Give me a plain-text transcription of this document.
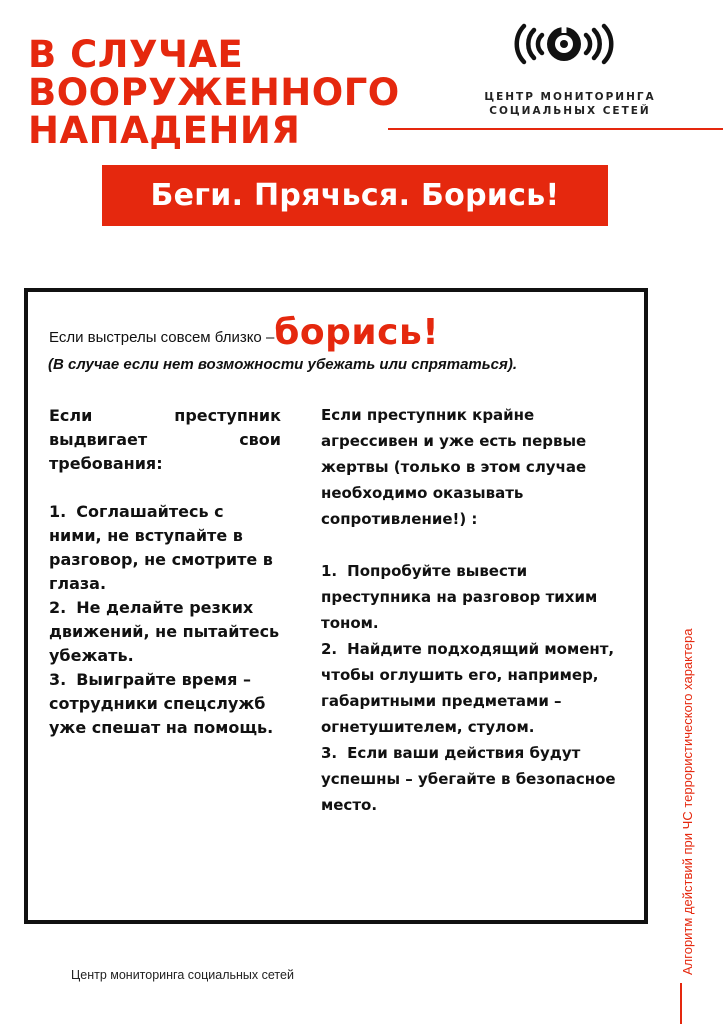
В СЛУЧАЕ
ВООРУЖЕННОГО
НАПАДЕНИЯ
ЦЕНТР МОНИТОРИНГА
СОЦИАЛЬНЫХ СЕТЕЙ
Беги. Прячься. Борись!
Если выстрелы совсем близко –борись!
(В случае если нет возможности убежать или спрятаться).
Если преступник выдвигает свои требования:
1. Соглашайтесь с ними, не вступайте в разговор, не смотрите в глаза.
2. Не делайте резких движений, не пытайтесь убежать.
3. Выиграйте время – сотрудники спецслужб уже спешат на помощь.
Если преступник крайне агрессивен и уже есть первые жертвы (только в этом случае необходимо оказывать сопротивление!) :
1. Попробуйте вывести преступника на разговор тихим тоном.
2. Найдите подходящий момент, чтобы оглушить его, например, габаритными предметами – огнетушителем, стулом.
3. Если ваши действия будут успешны – убегайте в безопасное место.	Алгоритм действий при ЧС террористического характера
Центр мониторинга социальных сетей
